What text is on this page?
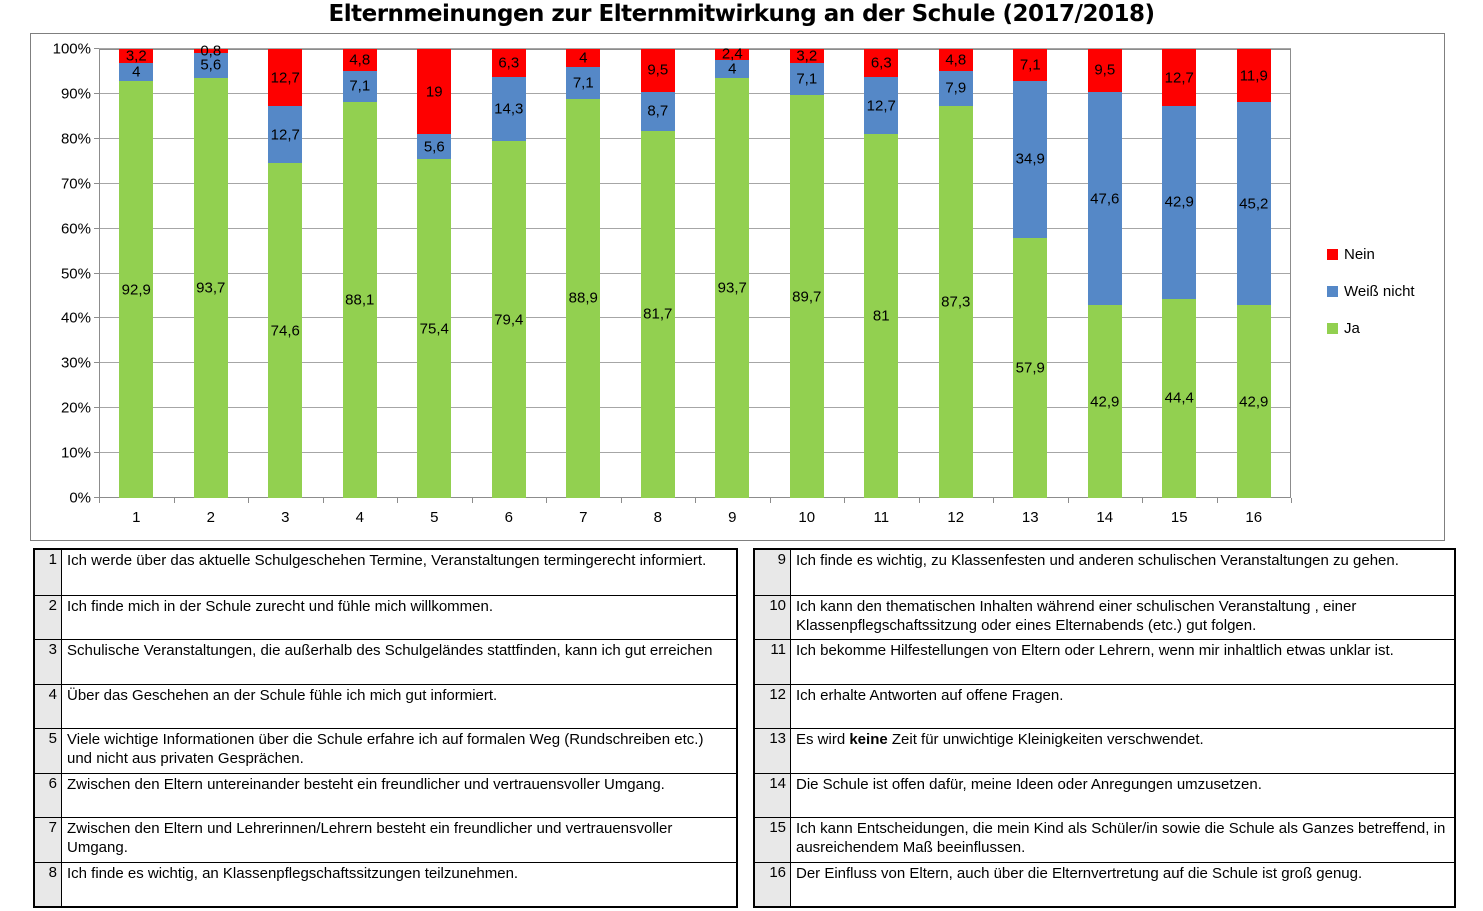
Elternmeinungen zur Elternmitwirkung an der Schule (2017/2018)
Nein
Weiß nicht
Ja
0%
10%
20%
30%
40%
50%
60%
70%
80%
90%
100%
92,9
4
3,2
1
93,7
5,6
0,8
2
74,6
12,7
12,7
3
88,1
7,1
4,8
4
75,4
5,6
19
5
79,4
14,3
6,3
6
88,9
7,1
4
7
81,7
8,7
9,5
8
93,7
4
2,4
9
89,7
7,1
3,2
10
81
12,7
6,3
11
87,3
7,9
4,8
12
57,9
34,9
7,1
13
42,9
47,6
9,5
14
44,4
42,9
12,7
15
42,9
45,2
11,9
16
1 Ich werde über das aktuelle Schulgeschehen Termine, Veranstaltungen termingerecht informiert.
2 Ich finde mich in der Schule zurecht und fühle mich willkommen.
3 Schulische Veranstaltungen, die außerhalb des Schulgeländes stattfinden, kann ich gut erreichen
4 Über das Geschehen an der Schule fühle ich mich gut informiert.
5 Viele wichtige Informationen über die Schule erfahre ich auf formalen Weg (Rundschreiben etc.) und nicht aus privaten Gesprächen.
6 Zwischen den Eltern untereinander besteht ein freundlicher und vertrauensvoller Umgang.
7 Zwischen den Eltern und Lehrerinnen/Lehrern besteht ein freundlicher und vertrauensvoller Umgang.
8 Ich finde es wichtig, an Klassenpflegschaftssitzungen teilzunehmen.
9 Ich finde es wichtig, zu Klassenfesten und anderen schulischen Veranstaltungen zu gehen.
10 Ich kann den thematischen Inhalten während einer schulischen Veranstaltung , einer Klassenpflegschaftssitzung oder eines Elternabends (etc.) gut folgen.
11 Ich bekomme Hilfestellungen von Eltern oder Lehrern, wenn mir inhaltlich etwas unklar ist.
12 Ich erhalte Antworten auf offene Fragen.
13 Es wird keine Zeit für unwichtige Kleinigkeiten verschwendet.
14 Die Schule ist offen dafür, meine Ideen oder Anregungen umzusetzen.
15 Ich kann Entscheidungen, die mein Kind als Schüler/in sowie die Schule als Ganzes betreffend, in ausreichendem Maß beeinflussen.
16 Der Einfluss von Eltern, auch über die Elternvertretung auf die Schule ist groß genug.
